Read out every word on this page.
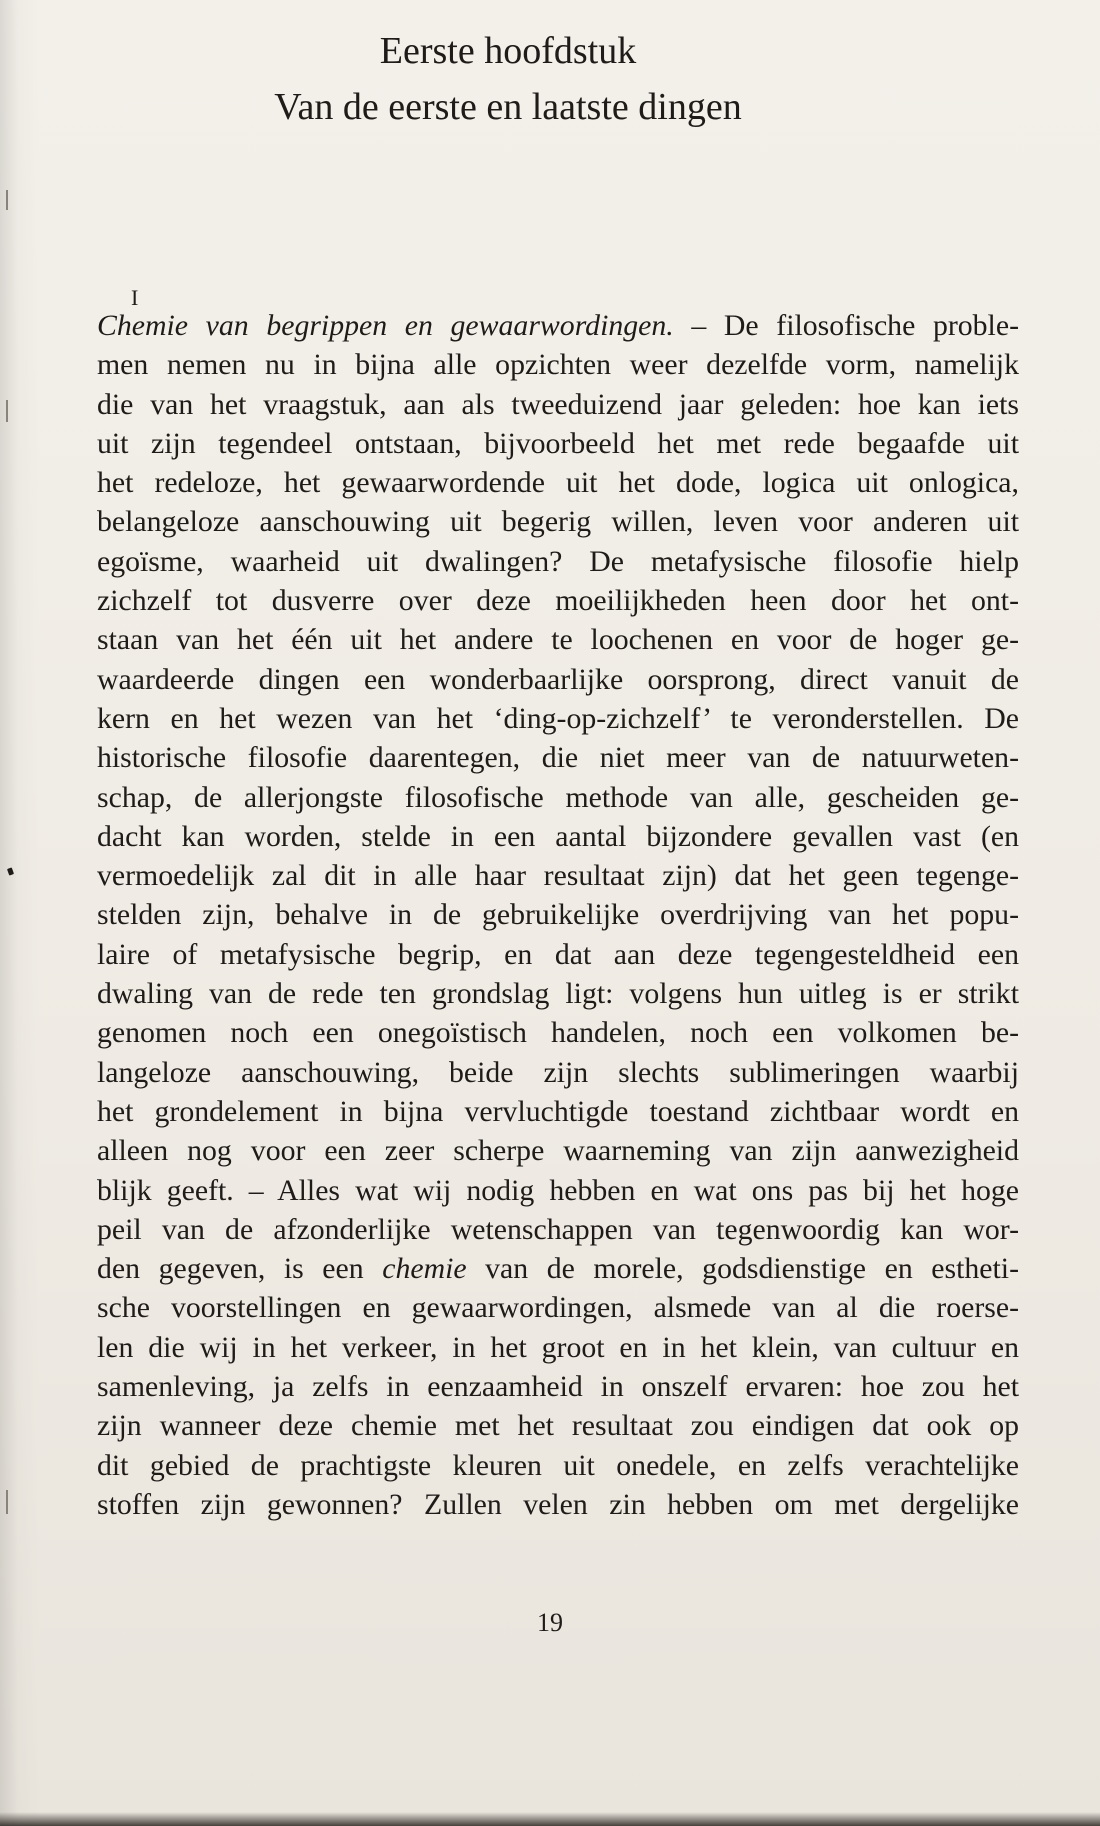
Eerste hoofdstuk
Van de eerste en laatste dingen

I

Chemie van begrippen en gewaarwordingen. – De filosofische proble-
men nemen nu in bijna alle opzichten weer dezelfde vorm, namelijk
die van het vraagstuk, aan als tweeduizend jaar geleden: hoe kan iets
uit zijn tegendeel ontstaan, bijvoorbeeld het met rede begaafde uit
het redeloze, het gewaarwordende uit het dode, logica uit onlogica,
belangeloze aanschouwing uit begerig willen, leven voor anderen uit
egoïsme, waarheid uit dwalingen? De metafysische filosofie hielp
zichzelf tot dusverre over deze moeilijkheden heen door het ont-
staan van het één uit het andere te loochenen en voor de hoger ge-
waardeerde dingen een wonderbaarlijke oorsprong, direct vanuit de
kern en het wezen van het ‘ding-op-zichzelf’ te veronderstellen. De
historische filosofie daarentegen, die niet meer van de natuurweten-
schap, de allerjongste filosofische methode van alle, gescheiden ge-
dacht kan worden, stelde in een aantal bijzondere gevallen vast (en
vermoedelijk zal dit in alle haar resultaat zijn) dat het geen tegenge-
stelden zijn, behalve in de gebruikelijke overdrijving van het popu-
laire of metafysische begrip, en dat aan deze tegengesteldheid een
dwaling van de rede ten grondslag ligt: volgens hun uitleg is er strikt
genomen noch een onegoïstisch handelen, noch een volkomen be-
langeloze aanschouwing, beide zijn slechts sublimeringen waarbij
het grondelement in bijna vervluchtigde toestand zichtbaar wordt en
alleen nog voor een zeer scherpe waarneming van zijn aanwezigheid
blijk geeft. – Alles wat wij nodig hebben en wat ons pas bij het hoge
peil van de afzonderlijke wetenschappen van tegenwoordig kan wor-
den gegeven, is een chemie van de morele, godsdienstige en estheti-
sche voorstellingen en gewaarwordingen, alsmede van al die roerse-
len die wij in het verkeer, in het groot en in het klein, van cultuur en
samenleving, ja zelfs in eenzaamheid in onszelf ervaren: hoe zou het
zijn wanneer deze chemie met het resultaat zou eindigen dat ook op
dit gebied de prachtigste kleuren uit onedele, en zelfs verachtelijke
stoffen zijn gewonnen? Zullen velen zin hebben om met dergelijke

19
